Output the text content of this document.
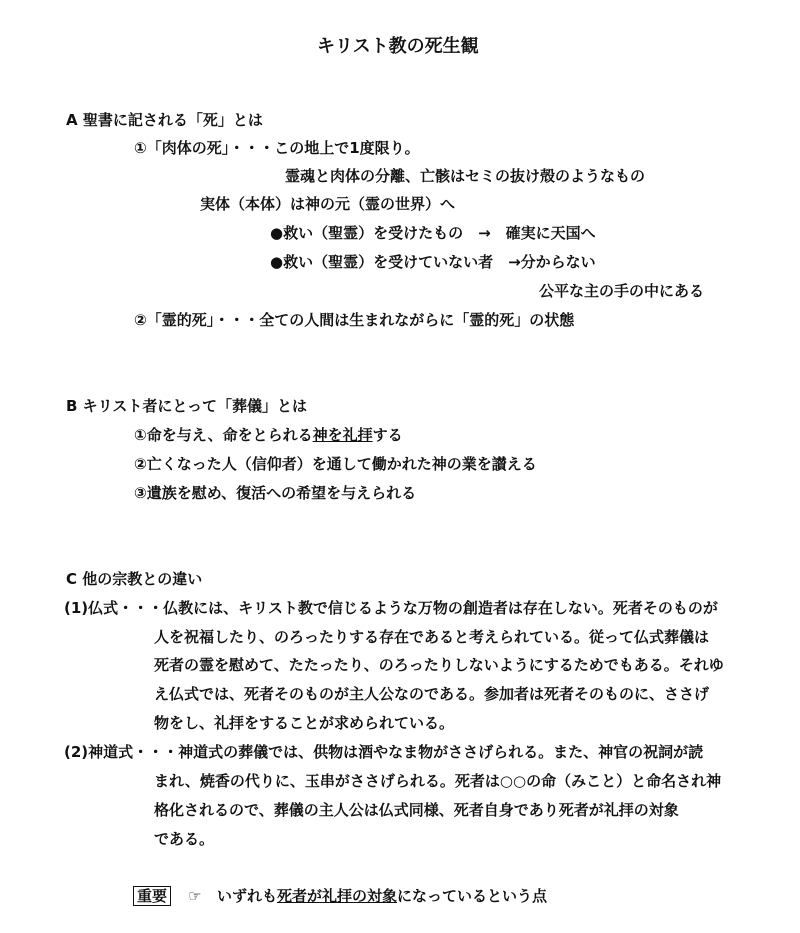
キリスト教の死生観
A 聖書に記される「死」とは
①「肉体の死」・・・この地上で1度限り。
霊魂と肉体の分離、亡骸はセミの抜け殻のようなもの
実体（本体）は神の元（霊の世界）へ
●救い（聖霊）を受けたもの　→　確実に天国へ
●救い（聖霊）を受けていない者　→分からない
公平な主の手の中にある
②「霊的死」・・・全ての人間は生まれながらに「霊的死」の状態
B キリスト者にとって「葬儀」とは
①命を与え、命をとられる神を礼拝する
②亡くなった人（信仰者）を通して働かれた神の業を讃える
③遺族を慰め、復活への希望を与えられる
C 他の宗教との違い
(1)仏式・・・仏教には、キリスト教で信じるような万物の創造者は存在しない。死者そのものが
人を祝福したり、のろったりする存在であると考えられている。従って仏式葬儀は
死者の霊を慰めて、たたったり、のろったりしないようにするためでもある。それゆ
え仏式では、死者そのものが主人公なのである。参加者は死者そのものに、ささげ
物をし、礼拝をすることが求められている。
(2)神道式・・・神道式の葬儀では、供物は酒やなま物がささげられる。また、神官の祝詞が読
まれ、焼香の代りに、玉串がささげられる。死者は○○の命（みこと）と命名され神
格化されるので、葬儀の主人公は仏式同様、死者自身であり死者が礼拝の対象
である。
重要 ☞ いずれも死者が礼拝の対象になっているという点
